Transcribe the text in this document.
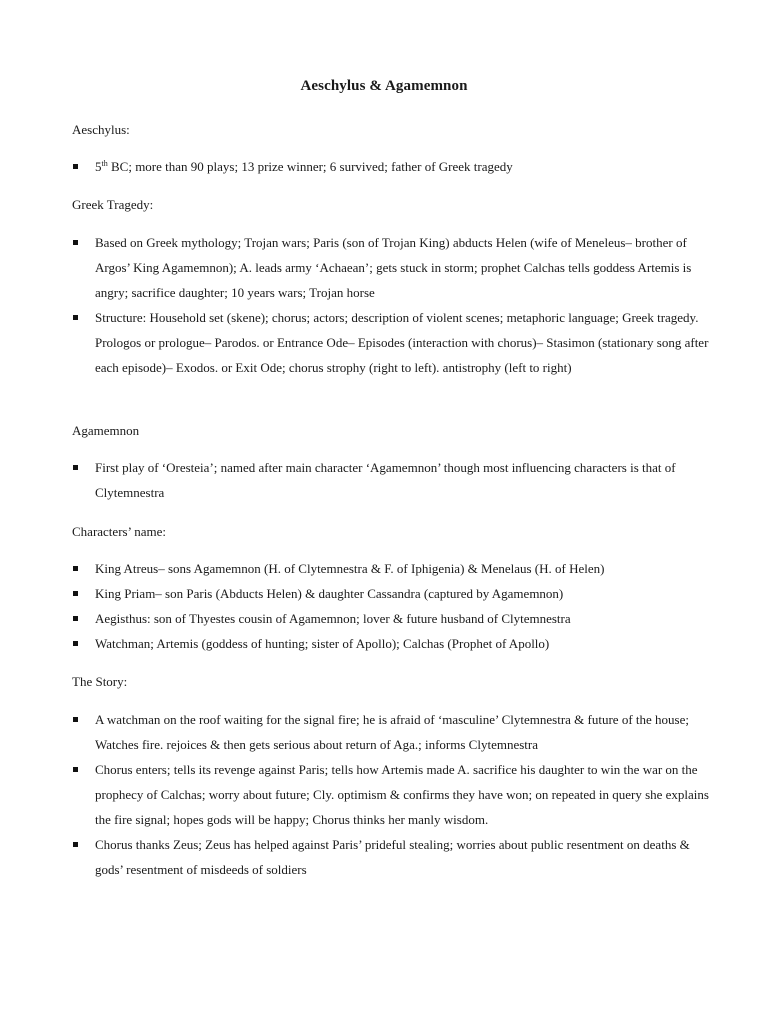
Aeschylus & Agamemnon
Aeschylus:
5th BC; more than 90 plays; 13 prize winner; 6 survived; father of Greek tragedy
Greek Tragedy:
Based on Greek mythology; Trojan wars; Paris (son of Trojan King) abducts Helen (wife of Meneleus– brother of Argos’ King Agamemnon); A. leads army ‘Achaean’; gets stuck in storm; prophet Calchas tells goddess Artemis is angry; sacrifice daughter; 10 years wars; Trojan horse
Structure: Household set (skene); chorus; actors; description of violent scenes; metaphoric language; Greek tragedy. Prologos or prologue– Parodos. or Entrance Ode– Episodes (interaction with chorus)– Stasimon (stationary song after each episode)– Exodos. or Exit Ode; chorus strophy (right to left). antistrophy (left to right)
Agamemnon
First play of ‘Oresteia’; named after main character ‘Agamemnon’ though most influencing characters is that of Clytemnestra
Characters’ name:
King Atreus– sons Agamemnon (H. of Clytemnestra & F. of Iphigenia) & Menelaus (H. of Helen)
King Priam– son Paris (Abducts Helen) & daughter Cassandra (captured by Agamemnon)
Aegisthus: son of Thyestes cousin of Agamemnon; lover & future husband of Clytemnestra
Watchman; Artemis (goddess of hunting; sister of Apollo); Calchas (Prophet of Apollo)
The Story:
A watchman on the roof waiting for the signal fire; he is afraid of ‘masculine’ Clytemnestra & future of the house; Watches fire. rejoices & then gets serious about return of Aga.; informs Clytemnestra
Chorus enters; tells its revenge against Paris; tells how Artemis made A. sacrifice his daughter to win the war on the prophecy of Calchas; worry about future; Cly. optimism & confirms they have won; on repeated in query she explains the fire signal; hopes gods will be happy; Chorus thinks her manly wisdom.
Chorus thanks Zeus; Zeus has helped against Paris’ prideful stealing; worries about public resentment on deaths & gods’ resentment of misdeeds of soldiers
